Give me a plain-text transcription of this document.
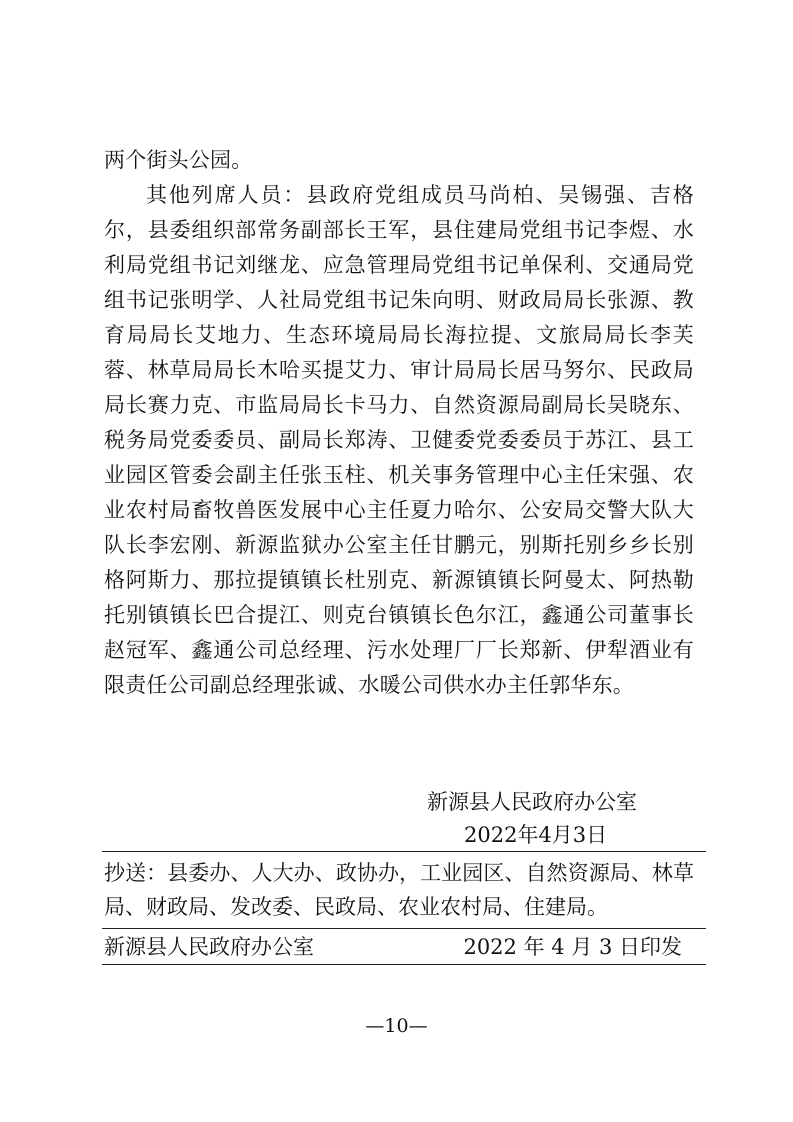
两个街头公园。

其他列席人员：县政府党组成员马尚柏、吴锡强、吉格尔，县委组织部常务副部长王军，县住建局党组书记李煜、水利局党组书记刘继龙、应急管理局党组书记单保利、交通局党组书记张明学、人社局党组书记朱向明、财政局局长张源、教育局局长艾地力、生态环境局局长海拉提、文旅局局长李芙蓉、林草局局长木哈买提艾力、审计局局长居马努尔、民政局局长赛力克、市监局局长卡马力、自然资源局副局长吴晓东、税务局党委委员、副局长郑涛、卫健委党委委员于苏江、县工业园区管委会副主任张玉柱、机关事务管理中心主任宋强、农业农村局畜牧兽医发展中心主任夏力哈尔、公安局交警大队大队长李宏刚、新源监狱办公室主任甘鹏元，别斯托别乡乡长别格阿斯力、那拉提镇镇长杜别克、新源镇镇长阿曼太、阿热勒托别镇镇长巴合提江、则克台镇镇长色尔江，鑫通公司董事长赵冠军、鑫通公司总经理、污水处理厂厂长郑新、伊犁酒业有限责任公司副总经理张诚、水暖公司供水办主任郭华东。

新源县人民政府办公室
2022年4月3日
抄送：县委办、人大办、政协办，工业园区、自然资源局、林草局、财政局、发改委、民政局、农业农村局、住建局。
新源县人民政府办公室	2022 年 4 月 3 日印发
—10—
